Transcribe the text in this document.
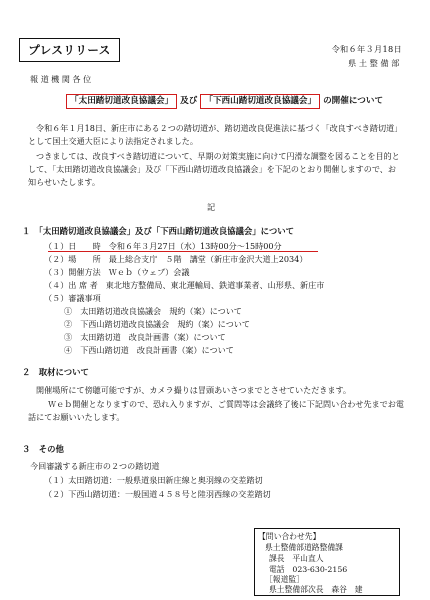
プレスリリース	令和６年３月18日
県土整備部
報道機関各位
「太田踏切道改良協議会」 及び 「下西山踏切道改良協議会」 の開催について
令和６年１月18日、新庄市にある２つの踏切道が、踏切道改良促進法に基づく「改良すべき踏切道」として国土交通大臣により法指定されました。
つきましては、改良すべき踏切道について、早期の対策実施に向けて円滑な調整を図ることを目的として、「太田踏切道改良協議会」及び「下西山踏切道改良協議会」を下記のとおり開催しますので、お知らせいたします。
記
１　「太田踏切道改良協議会」及び「下西山踏切道改良協議会」について
（１）日　　時　令和６年３月27日（水）13時00分～15時00分
（２）場　　所　最上総合支庁　５階　講堂（新庄市金沢大道上2034）
（３）開催方法　Ｗｅｂ（ウェブ）会議
（４）出 席 者　東北地方整備局、東北運輸局、鉄道事業者、山形県、新庄市
（５）審議事項
①　太田踏切道改良協議会　規約（案）について
②　下西山踏切道改良協議会　規約（案）について
③　太田踏切道　改良計画書（案）について
④　下西山踏切道　改良計画書（案）について
２　取材について
開催場所にて傍聴可能ですが、カメラ撮りは冒頭あいさつまでとさせていただきます。
Ｗｅｂ開催となりますので、恐れ入りますが、ご質問等は会議終了後に下記問い合わせ先までお電話にてお願いいたします。
３　その他
今回審議する新庄市の２つの踏切道
（１）太田踏切道：一般県道泉田新庄線と奥羽線の交差踏切
（２）下西山踏切道：一般国道４５８号と陸羽西線の交差踏切
【問い合わせ先】
県土整備部道路整備課
課長　平山直人
電話　023-630-2156
［報道監］
県土整備部次長　森谷　建
